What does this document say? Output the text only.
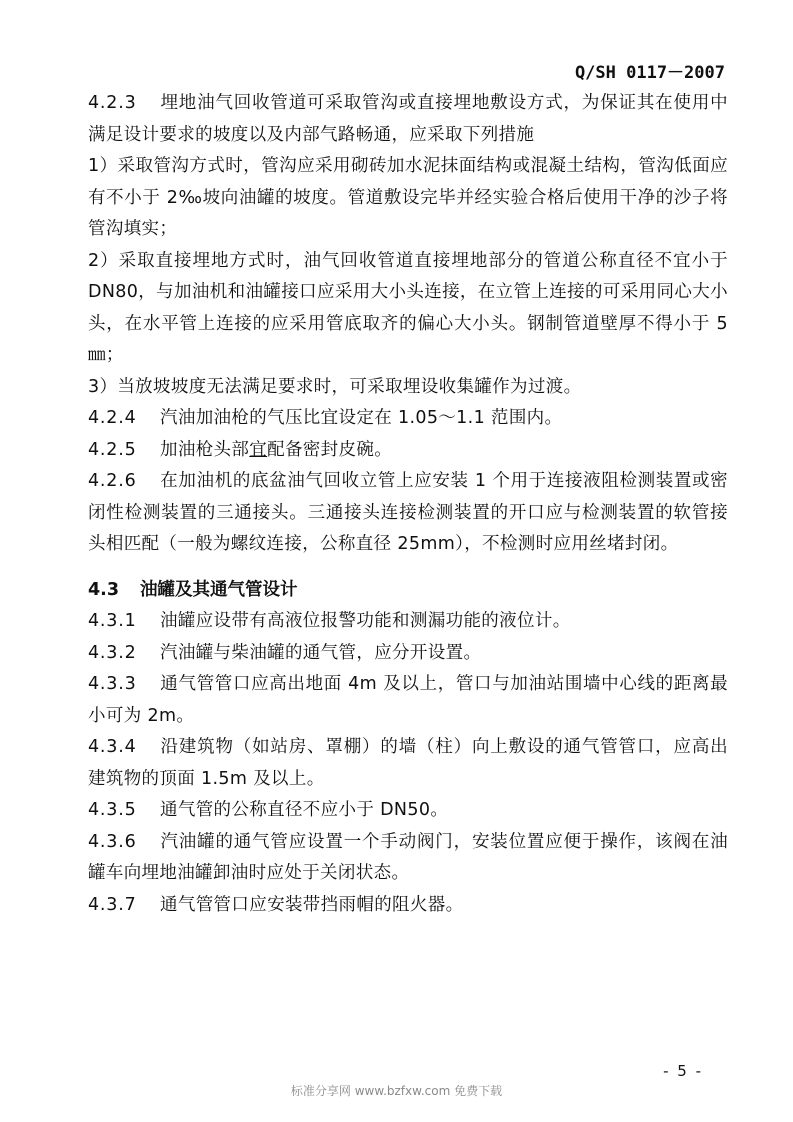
Q/SH 0117－2007

4.2.3 埋地油气回收管道可采取管沟或直接埋地敷设方式，为保证其在使用中满足设计要求的坡度以及内部气路畅通，应采取下列措施

1）采取管沟方式时，管沟应采用砌砖加水泥抹面结构或混凝土结构，管沟低面应有不小于 2‰坡向油罐的坡度。管道敷设完毕并经实验合格后使用干净的沙子将管沟填实；

2）采取直接埋地方式时，油气回收管道直接埋地部分的管道公称直径不宜小于 DN80，与加油机和油罐接口应采用大小头连接，在立管上连接的可采用同心大小头，在水平管上连接的应采用管底取齐的偏心大小头。钢制管道壁厚不得小于 5 ㎜；

3）当放坡坡度无法满足要求时，可采取埋设收集罐作为过渡。

4.2.4 汽油加油枪的气压比宜设定在 1.05～1.1 范围内。

4.2.5 加油枪头部宜配备密封皮碗。

4.2.6 在加油机的底盆油气回收立管上应安装 1 个用于连接液阻检测装置或密闭性检测装置的三通接头。三通接头连接检测装置的开口应与检测装置的软管接头相匹配（一般为螺纹连接，公称直径 25mm），不检测时应用丝堵封闭。

4.3 油罐及其通气管设计

4.3.1 油罐应设带有高液位报警功能和测漏功能的液位计。

4.3.2 汽油罐与柴油罐的通气管，应分开设置。

4.3.3 通气管管口应高出地面 4m 及以上，管口与加油站围墙中心线的距离最小可为 2m。

4.3.4 沿建筑物（如站房、罩棚）的墙（柱）向上敷设的通气管管口，应高出建筑物的顶面 1.5m 及以上。

4.3.5 通气管的公称直径不应小于 DN50。

4.3.6 汽油罐的通气管应设置一个手动阀门，安装位置应便于操作，该阀在油罐车向埋地油罐卸油时应处于关闭状态。

4.3.7 通气管管口应安装带挡雨帽的阻火器。

- 5 -
标准分享网 www.bzfxw.com 免费下载
